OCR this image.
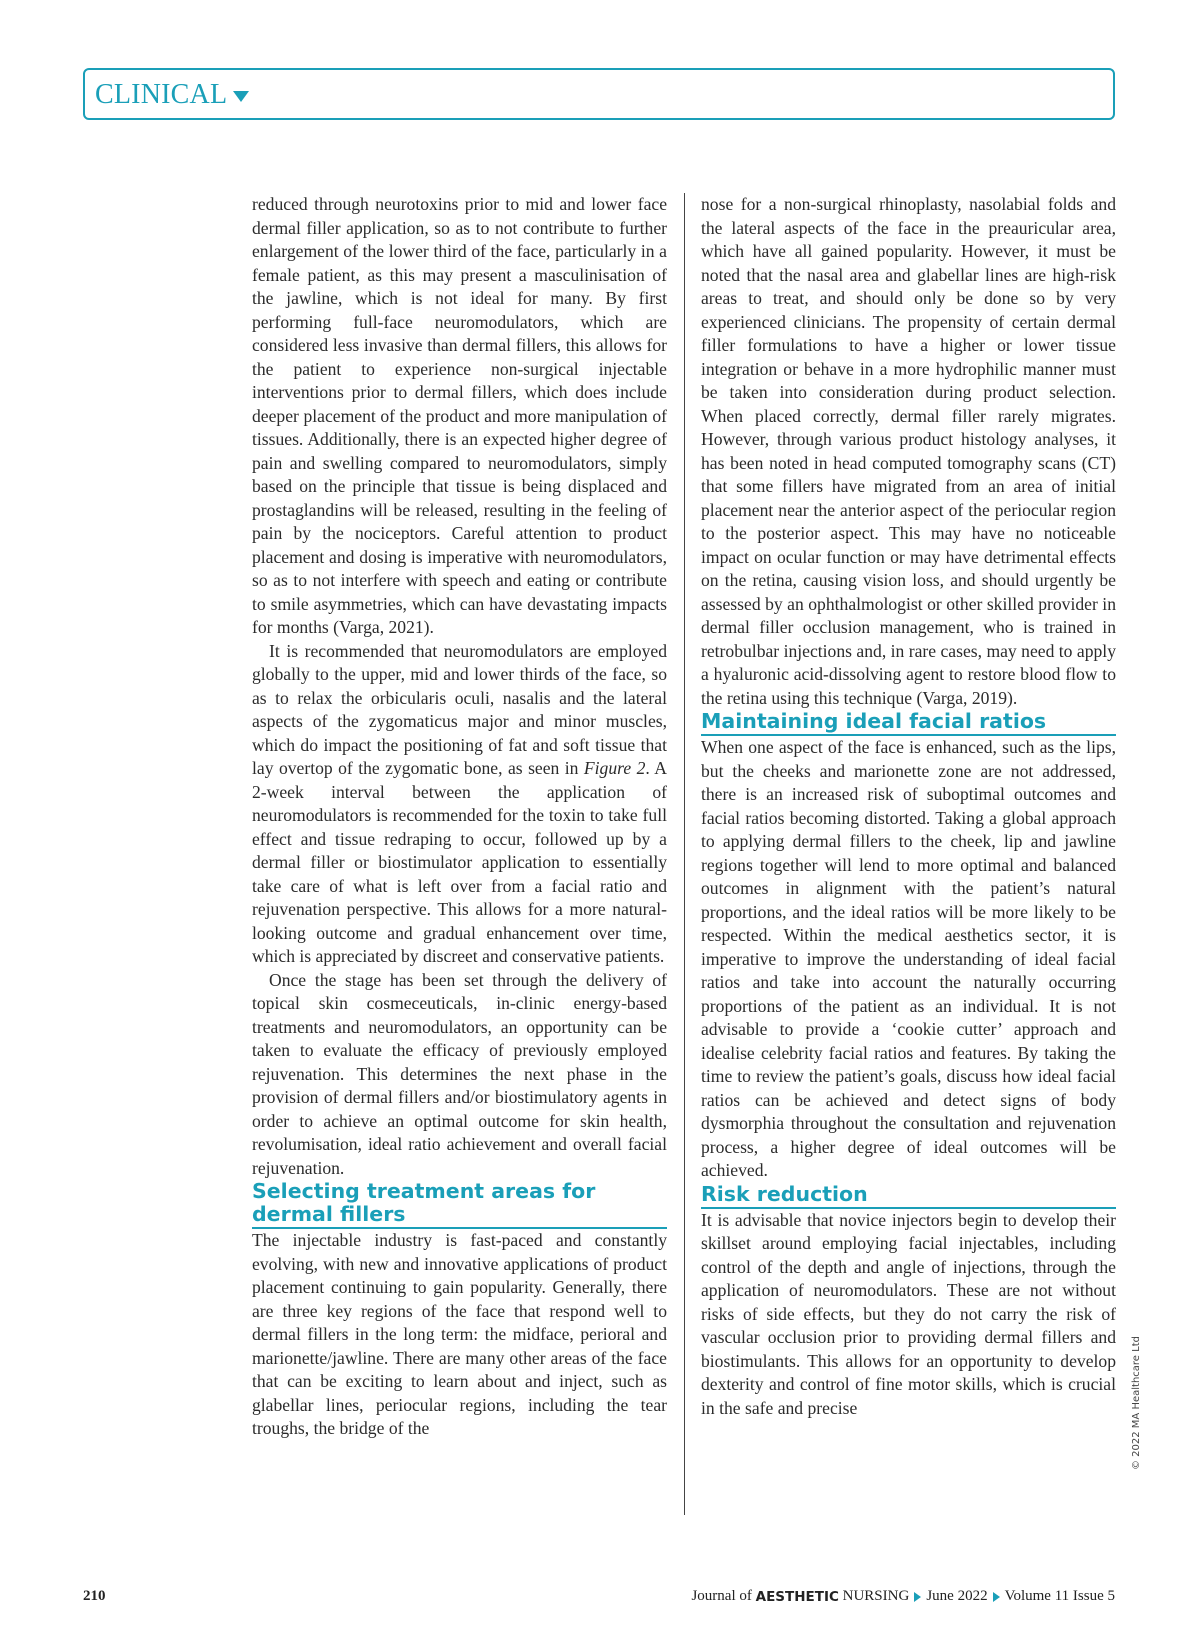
CLINICAL

reduced through neurotoxins prior to mid and lower face dermal filler application, so as to not contribute to further enlargement of the lower third of the face, particularly in a female patient, as this may present a masculinisation of the jawline, which is not ideal for many. By first performing full-face neuromodulators, which are considered less invasive than dermal fillers, this allows for the patient to experience non-surgical injectable interventions prior to dermal fillers, which does include deeper placement of the product and more manipulation of tissues. Additionally, there is an expected higher degree of pain and swelling compared to neuromodulators, simply based on the principle that tissue is being displaced and prostaglandins will be released, resulting in the feeling of pain by the nociceptors. Careful attention to product placement and dosing is imperative with neuromodulators, so as to not interfere with speech and eating or contribute to smile asymmetries, which can have devastating impacts for months (Varga, 2021).

It is recommended that neuromodulators are employed globally to the upper, mid and lower thirds of the face, so as to relax the orbicularis oculi, nasalis and the lateral aspects of the zygomaticus major and minor muscles, which do impact the positioning of fat and soft tissue that lay overtop of the zygomatic bone, as seen in Figure 2. A 2-week interval between the application of neuromodulators is recommended for the toxin to take full effect and tissue redraping to occur, followed up by a dermal filler or biostimulator application to essentially take care of what is left over from a facial ratio and rejuvenation perspective. This allows for a more natural-looking outcome and gradual enhancement over time, which is appreciated by discreet and conservative patients.

Once the stage has been set through the delivery of topical skin cosmeceuticals, in-clinic energy-based treatments and neuromodulators, an opportunity can be taken to evaluate the efficacy of previously employed rejuvenation. This determines the next phase in the provision of dermal fillers and/or biostimulatory agents in order to achieve an optimal outcome for skin health, revolumisation, ideal ratio achievement and overall facial rejuvenation.

Selecting treatment areas for dermal fillers

The injectable industry is fast-paced and constantly evolving, with new and innovative applications of product placement continuing to gain popularity. Generally, there are three key regions of the face that respond well to dermal fillers in the long term: the midface, perioral and marionette/jawline. There are many other areas of the face that can be exciting to learn about and inject, such as glabellar lines, periocular regions, including the tear troughs, the bridge of the

nose for a non-surgical rhinoplasty, nasolabial folds and the lateral aspects of the face in the preauricular area, which have all gained popularity. However, it must be noted that the nasal area and glabellar lines are high-risk areas to treat, and should only be done so by very experienced clinicians. The propensity of certain dermal filler formulations to have a higher or lower tissue integration or behave in a more hydrophilic manner must be taken into consideration during product selection. When placed correctly, dermal filler rarely migrates. However, through various product histology analyses, it has been noted in head computed tomography scans (CT) that some fillers have migrated from an area of initial placement near the anterior aspect of the periocular region to the posterior aspect. This may have no noticeable impact on ocular function or may have detrimental effects on the retina, causing vision loss, and should urgently be assessed by an ophthalmologist or other skilled provider in dermal filler occlusion management, who is trained in retrobulbar injections and, in rare cases, may need to apply a hyaluronic acid-dissolving agent to restore blood flow to the retina using this technique (Varga, 2019).

Maintaining ideal facial ratios

When one aspect of the face is enhanced, such as the lips, but the cheeks and marionette zone are not addressed, there is an increased risk of suboptimal outcomes and facial ratios becoming distorted. Taking a global approach to applying dermal fillers to the cheek, lip and jawline regions together will lend to more optimal and balanced outcomes in alignment with the patient’s natural proportions, and the ideal ratios will be more likely to be respected. Within the medical aesthetics sector, it is imperative to improve the understanding of ideal facial ratios and take into account the naturally occurring proportions of the patient as an individual. It is not advisable to provide a ‘cookie cutter’ approach and idealise celebrity facial ratios and features. By taking the time to review the patient’s goals, discuss how ideal facial ratios can be achieved and detect signs of body dysmorphia throughout the consultation and rejuvenation process, a higher degree of ideal outcomes will be achieved.

Risk reduction

It is advisable that novice injectors begin to develop their skillset around employing facial injectables, including control of the depth and angle of injections, through the application of neuromodulators. These are not without risks of side effects, but they do not carry the risk of vascular occlusion prior to providing dermal fillers and biostimulants. This allows for an opportunity to develop dexterity and control of fine motor skills, which is crucial in the safe and precise	© 2022 MA Healthcare Ltd
210	Journal of
AESTHETIC
NURSING June 2022 Volume 11 Issue 5
